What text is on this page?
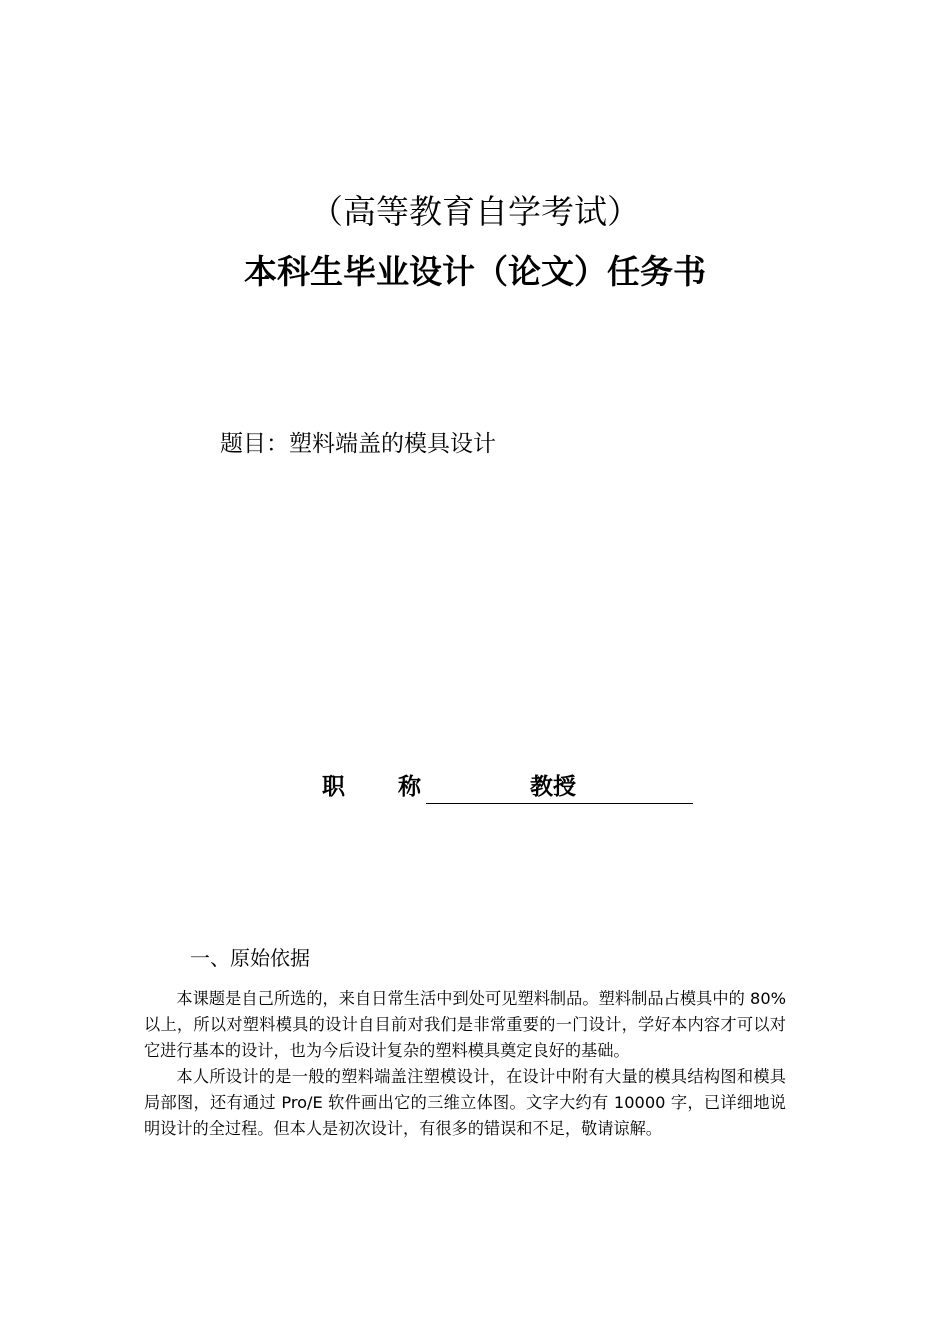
（高等教育自学考试）
本科生毕业设计（论文）任务书
题目：塑料端盖的模具设计
职 称	教授
一、原始依据

本课题是自己所选的，来自日常生活中到处可见塑料制品。塑料制品占模具中的 80%以上，所以对塑料模具的设计自目前对我们是非常重要的一门设计，学好本内容才可以对它进行基本的设计，也为今后设计复杂的塑料模具奠定良好的基础。

本人所设计的是一般的塑料端盖注塑模设计，在设计中附有大量的模具结构图和模具局部图，还有通过 Pro/E 软件画出它的三维立体图。文字大约有 10000 字，已详细地说明设计的全过程。但本人是初次设计，有很多的错误和不足，敬请谅解。
